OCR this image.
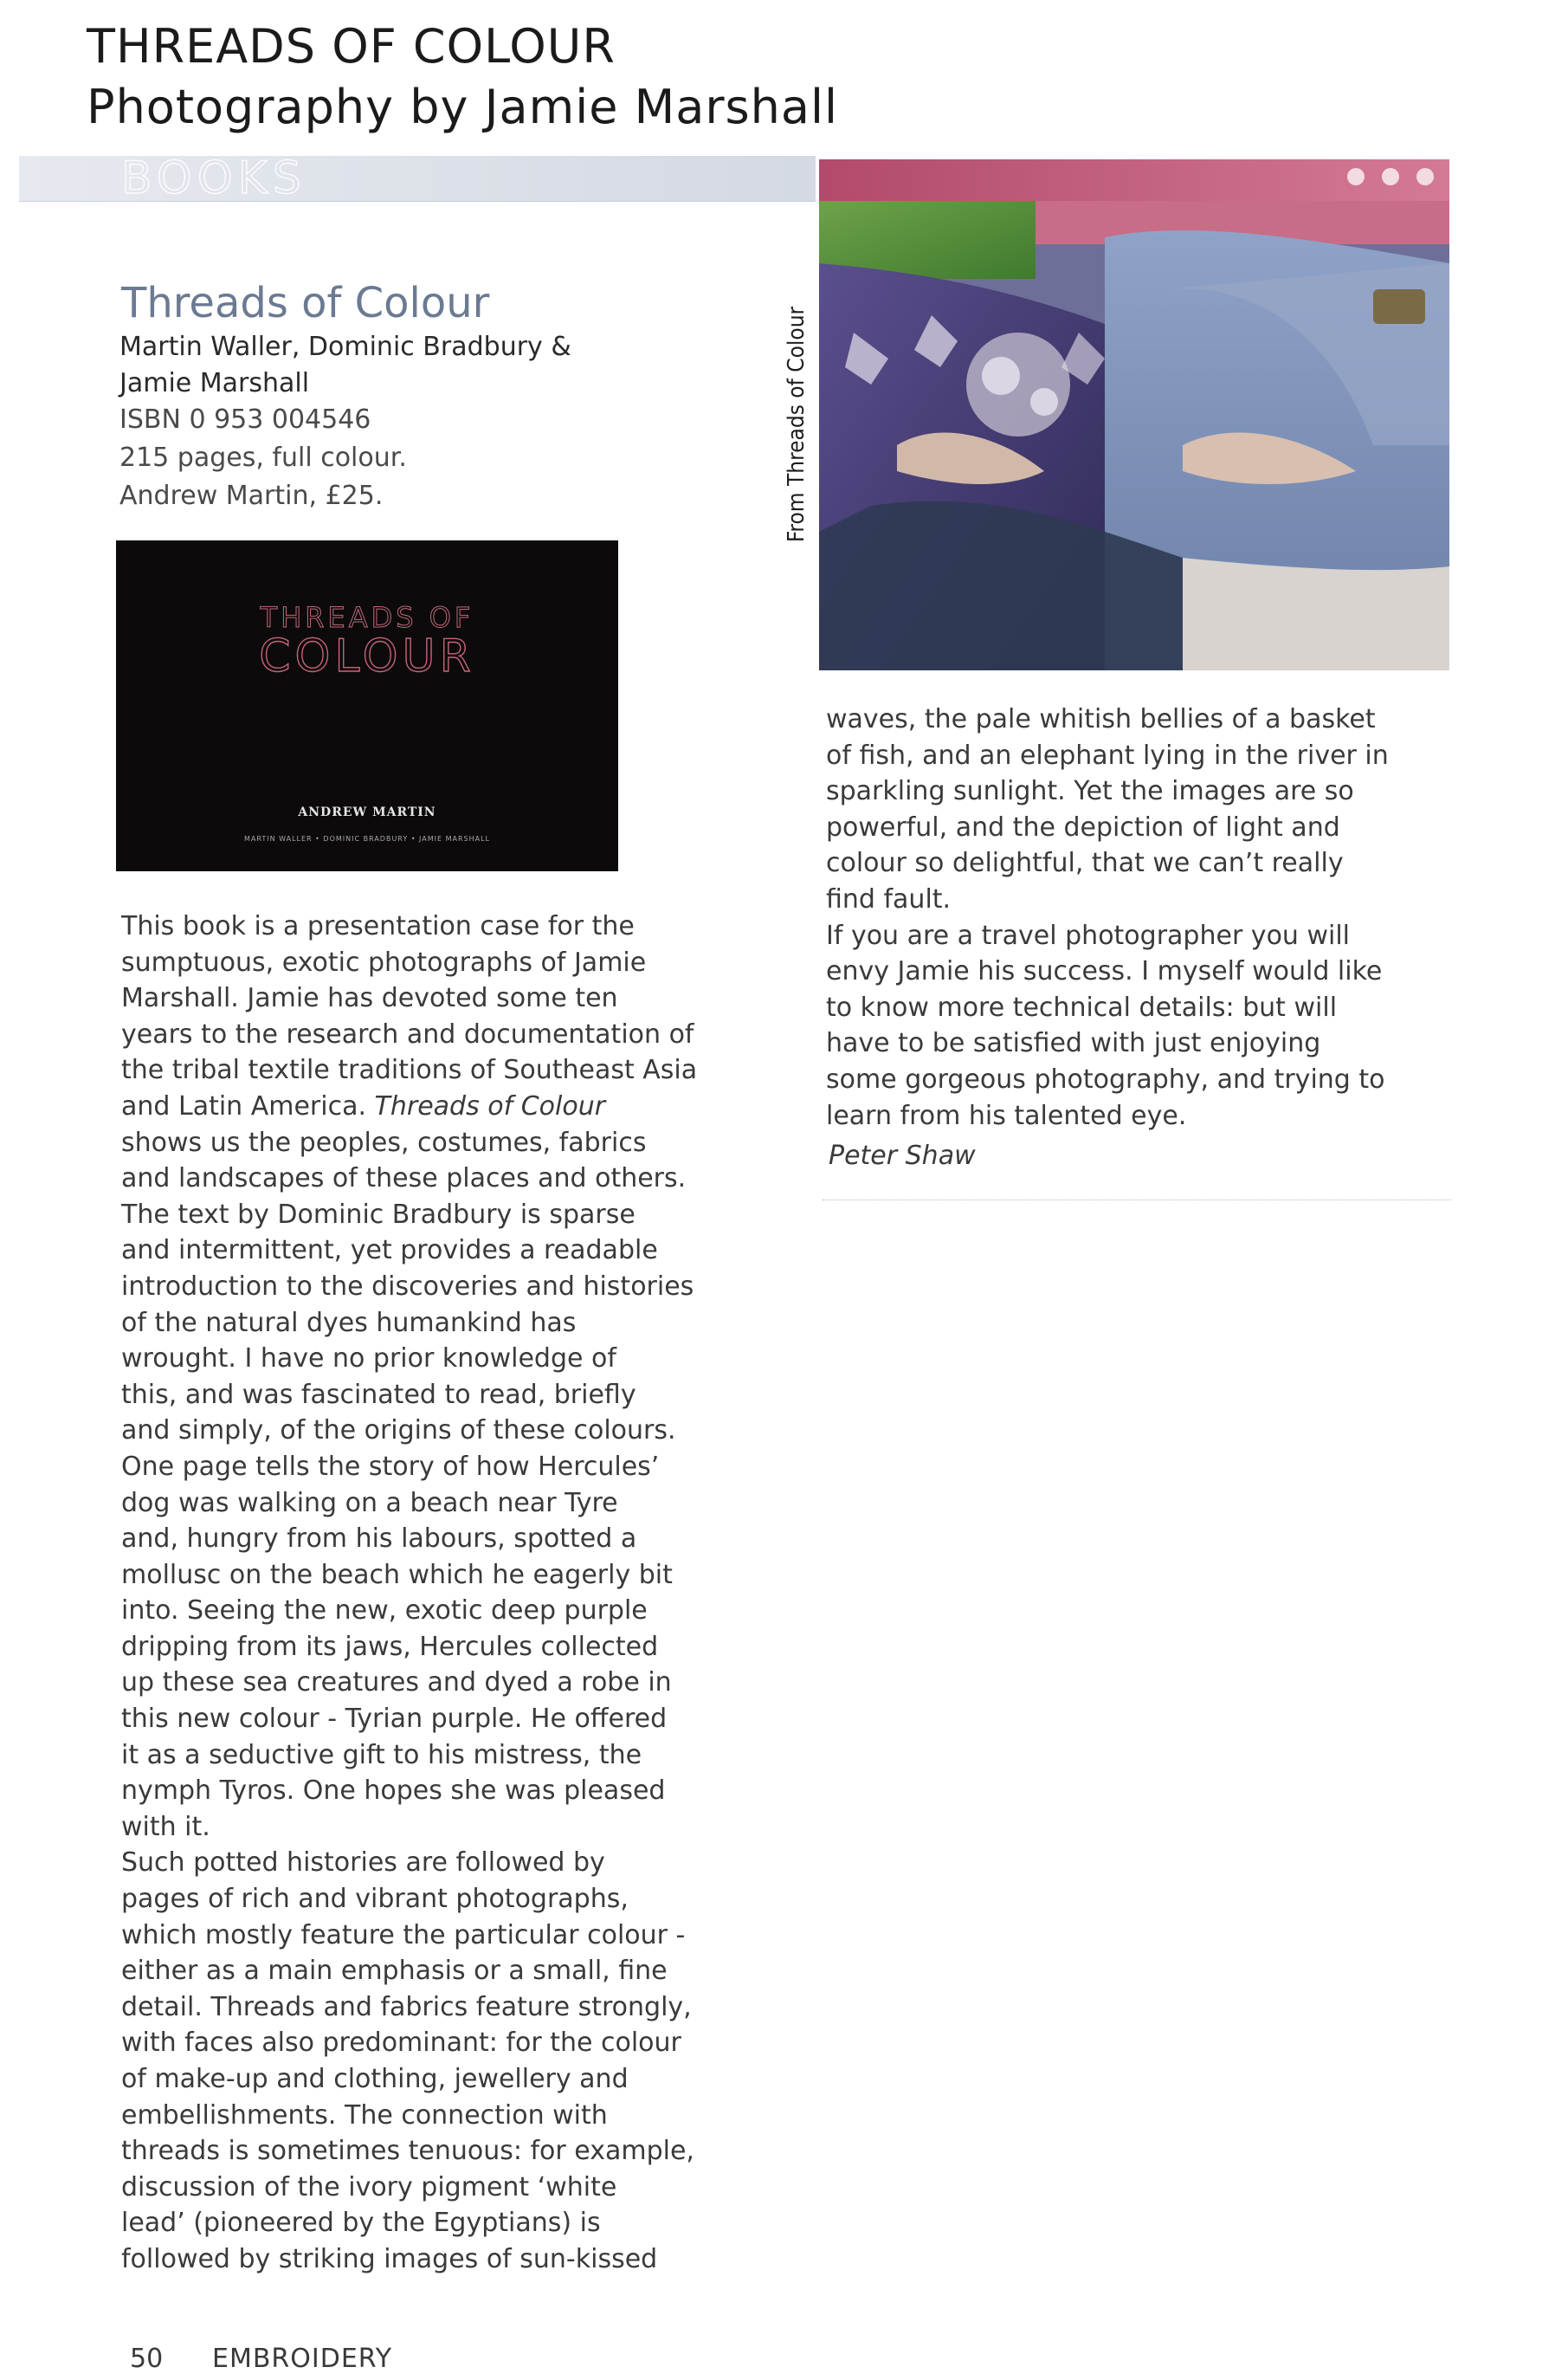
THREADS OF COLOUR
Photography by Jamie Marshall
BOOKS
Threads of Colour
Martin Waller, Dominic Bradbury &
Jamie Marshall
ISBN 0 953 004546
215 pages, full colour.
Andrew Martin, £25.
THREADS OF
COLOUR
ANDREW MARTIN
MARTIN WALLER • DOMINIC BRADBURY • JAMIE MARSHALL
From Threads of Colour
This book is a presentation case for the
sumptuous, exotic photographs of Jamie
Marshall. Jamie has devoted some ten
years to the research and documentation of
the tribal textile traditions of Southeast Asia
and Latin America. Threads of Colour
shows us the peoples, costumes, fabrics
and landscapes of these places and others.
The text by Dominic Bradbury is sparse
and intermittent, yet provides a readable
introduction to the discoveries and histories
of the natural dyes humankind has
wrought. I have no prior knowledge of
this, and was fascinated to read, briefly
and simply, of the origins of these colours.
One page tells the story of how Hercules’
dog was walking on a beach near Tyre
and, hungry from his labours, spotted a
mollusc on the beach which he eagerly bit
into. Seeing the new, exotic deep purple
dripping from its jaws, Hercules collected
up these sea creatures and dyed a robe in
this new colour - Tyrian purple. He offered
it as a seductive gift to his mistress, the
nymph Tyros. One hopes she was pleased
with it.
Such potted histories are followed by
pages of rich and vibrant photographs,
which mostly feature the particular colour -
either as a main emphasis or a small, fine
detail. Threads and fabrics feature strongly,
with faces also predominant: for the colour
of make-up and clothing, jewellery and
embellishments. The connection with
threads is sometimes tenuous: for example,
discussion of the ivory pigment ‘white
lead’ (pioneered by the Egyptians) is
followed by striking images of sun-kissed
waves, the pale whitish bellies of a basket
of fish, and an elephant lying in the river in
sparkling sunlight. Yet the images are so
powerful, and the depiction of light and
colour so delightful, that we can’t really
find fault.
If you are a travel photographer you will
envy Jamie his success. I myself would like
to know more technical details: but will
have to be satisfied with just enjoying
some gorgeous photography, and trying to
learn from his talented eye.
Peter Shaw
50 EMBROIDERY
